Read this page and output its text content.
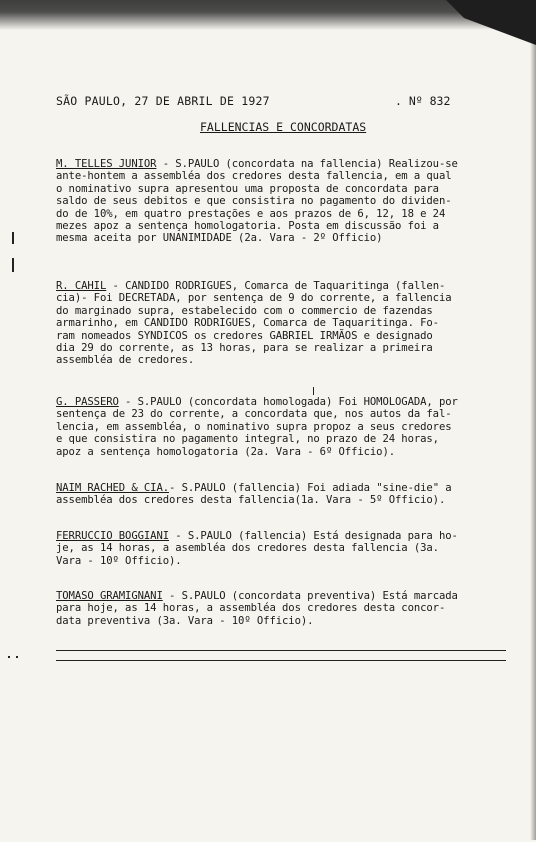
SÃO PAULO, 27 DE ABRIL DE 1927	. Nº 832
FALLENCIAS E CONCORDATAS
M. TELLES JUNIOR - S.PAULO (concordata na fallencia) Realizou-se
ante-hontem a assembléa dos credores desta fallencia, em a qual
o nominativo supra apresentou uma proposta de concordata para
saldo de seus debitos e que consistira no pagamento do dividen-
do de 10%, em quatro prestações e aos prazos de 6, 12, 18 e 24
mezes apoz a sentença homologatoria. Posta em discussão foi a
mesma aceita por UNANIMIDADE (2a. Vara - 2º Officio)
R. CAHIL - CANDIDO RODRIGUES, Comarca de Taquaritinga (fallen-
cia)- Foi DECRETADA, por sentença de 9 do corrente, a fallencia
do marginado supra, estabelecido com o commercio de fazendas
armarinho, em CANDIDO RODRIGUES, Comarca de Taquaritinga. Fo-
ram nomeados SYNDICOS os credores GABRIEL IRMÃOS e designado
dia 29 do corrente, as 13 horas, para se realizar a primeira
assembléa de credores.
G. PASSERO - S.PAULO (concordata homologada) Foi HOMOLOGADA, por
sentença de 23 do corrente, a concordata que, nos autos da fal-
lencia, em assembléa, o nominativo supra propoz a seus credores
e que consistira no pagamento integral, no prazo de 24 horas,
apoz a sentença homologatoria (2a. Vara - 6º Officio).
NAIM RACHED & CIA.- S.PAULO (fallencia) Foi adiada "sine-die" a
assembléa dos credores desta fallencia(1a. Vara - 5º Officio).
FERRUCCIO BOGGIANI - S.PAULO (fallencia) Está designada para ho-
je, as 14 horas, a asembléa dos credores desta fallencia (3a.
Vara - 10º Officio).
TOMASO GRAMIGNANI - S.PAULO (concordata preventiva) Está marcada
para hoje, as 14 horas, a assembléa dos credores desta concor-
data preventiva (3a. Vara - 10º Officio).
